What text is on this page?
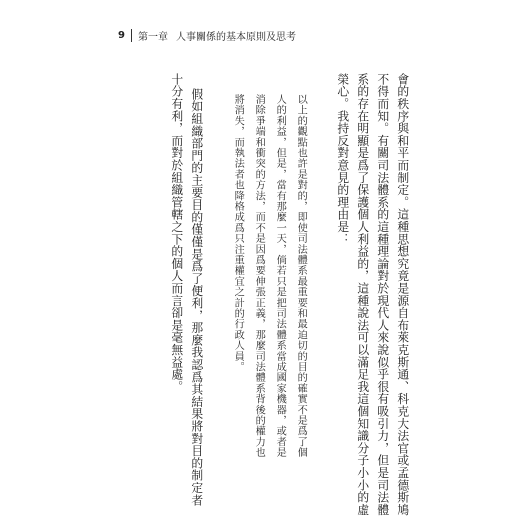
9 第一章 人事關係的基本原則及思考
會的秩序與和平而制定。這種思想究竟是源自布萊克斯通、科克大法官或孟德斯鳩
不得而知。有關司法體系的這種理論對於現代人來說似乎很有吸引力，但是司法體
系的存在明顯是爲了保護個人利益的，這種說法可以滿足我這個知識分子小小的虛
榮心。我持反對意見的理由是：
以上的觀點也許是對的，即使司法體系最重要和最迫切的目的確實不是爲了個
人的利益，但是，當有那麼一天，倘若只是把司法體系當成國家機器，或者是
消除爭端和衝突的方法，而不是因爲要伸張正義，那麼司法體系背後的權力也
將消失，而執法者也降格成爲只注重權宜之計的行政人員。
假如組織部門的主要目的僅僅是爲了便利，那麼我認爲其結果將對目的制定者
十分有利，而對於組織管轄之下的個人而言卻是毫無益處。
